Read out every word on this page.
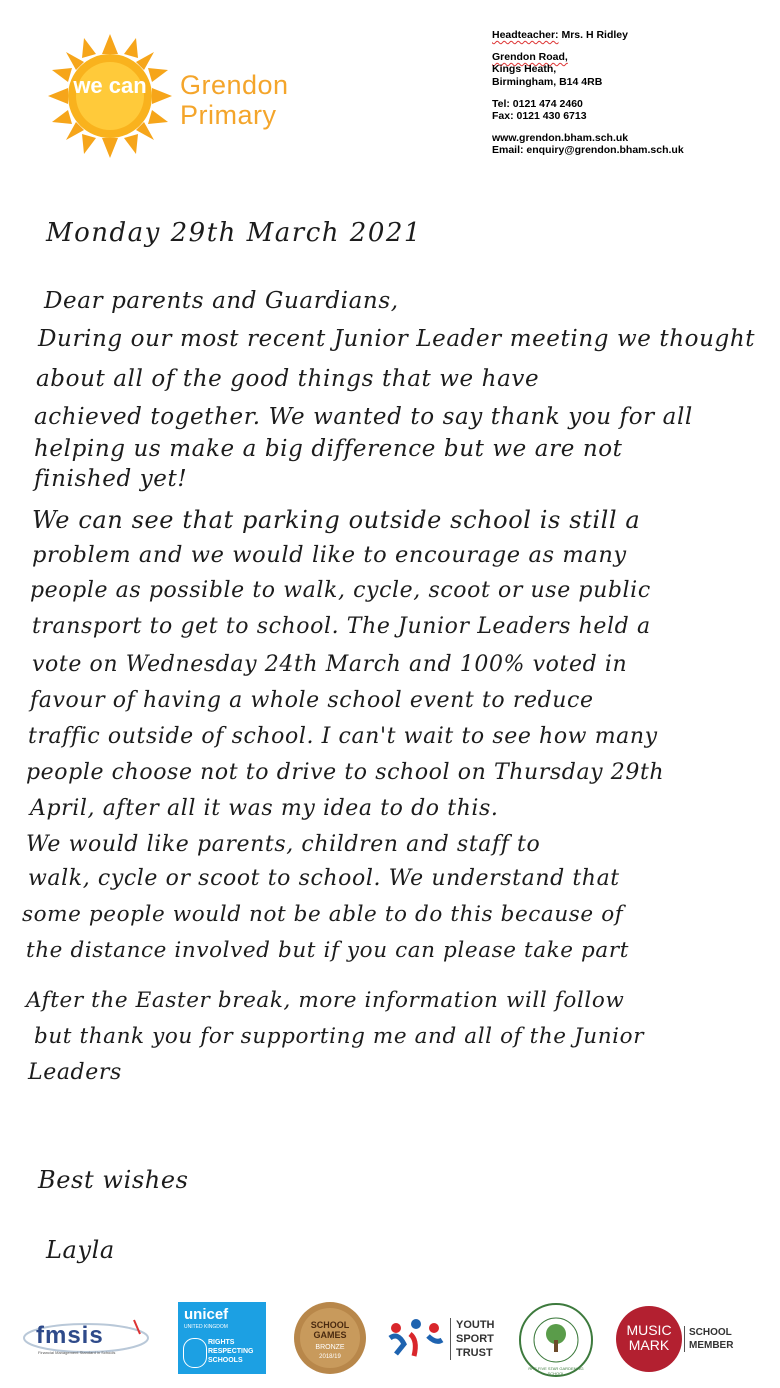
we can	Grendon
Primary
Headteacher: Mrs. H Ridley
Grendon Road,
Kings Heath,
Birmingham, B14 4RB
Tel: 0121 474 2460
Fax: 0121 430 6713
www.grendon.bham.sch.uk
Email: enquiry@grendon.bham.sch.uk
Monday 29th March 2021
Dear parents and Guardians,
During our most recent Junior Leader meeting we thought
about all of the good things that we have
achieved together. We wanted to say thank you for all
helping us make a big difference but we are not
finished yet!
We can see that parking outside school is still a
problem and we would like to encourage as many
people as possible to walk, cycle, scoot or use public
transport to get to school. The Junior Leaders held a
vote on Wednesday 24th March and 100% voted in
favour of having a whole school event to reduce
traffic outside of school. I can't wait to see how many
people choose not to drive to school on Thursday 29th
April, after all it was my idea to do this.
We would like parents, children and staff to
walk, cycle or scoot to school. We understand that
some people would not be able to do this because of
the distance involved but if you can please take part
After the Easter break, more information will follow
but thank you for supporting me and all of the Junior
Leaders
Best wishes
Layla
fmsis
Financial Management Standard in Schools
unicef
UNITED KINGDOM
RIGHTS RESPECTING SCHOOLS
SCHOOL GAMES
BRONZE
2018/19
YOUTH SPORT TRUST
RHS FIVE STAR GARDENING SCHOOL
MUSIC
MARK
SCHOOL MEMBER
